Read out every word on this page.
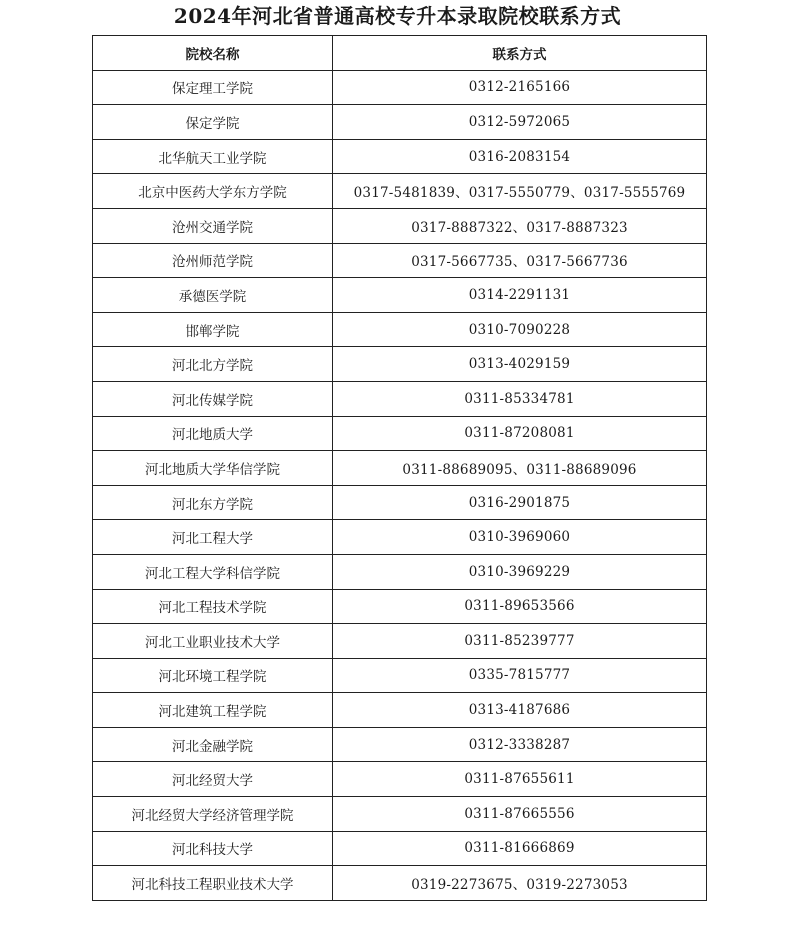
2024年河北省普通高校专升本录取院校联系方式
院校名称	联系方式
保定理工学院	0312-2165166
保定学院	0312-5972065
北华航天工业学院	0316-2083154
北京中医药大学东方学院	0317-5481839、0317-5550779、0317-5555769
沧州交通学院	0317-8887322、0317-8887323
沧州师范学院	0317-5667735、0317-5667736
承德医学院	0314-2291131
邯郸学院	0310-7090228
河北北方学院	0313-4029159
河北传媒学院	0311-85334781
河北地质大学	0311-87208081
河北地质大学华信学院	0311-88689095、0311-88689096
河北东方学院	0316-2901875
河北工程大学	0310-3969060
河北工程大学科信学院	0310-3969229
河北工程技术学院	0311-89653566
河北工业职业技术大学	0311-85239777
河北环境工程学院	0335-7815777
河北建筑工程学院	0313-4187686
河北金融学院	0312-3338287
河北经贸大学	0311-87655611
河北经贸大学经济管理学院	0311-87665556
河北科技大学	0311-81666869
河北科技工程职业技术大学	0319-2273675、0319-2273053
